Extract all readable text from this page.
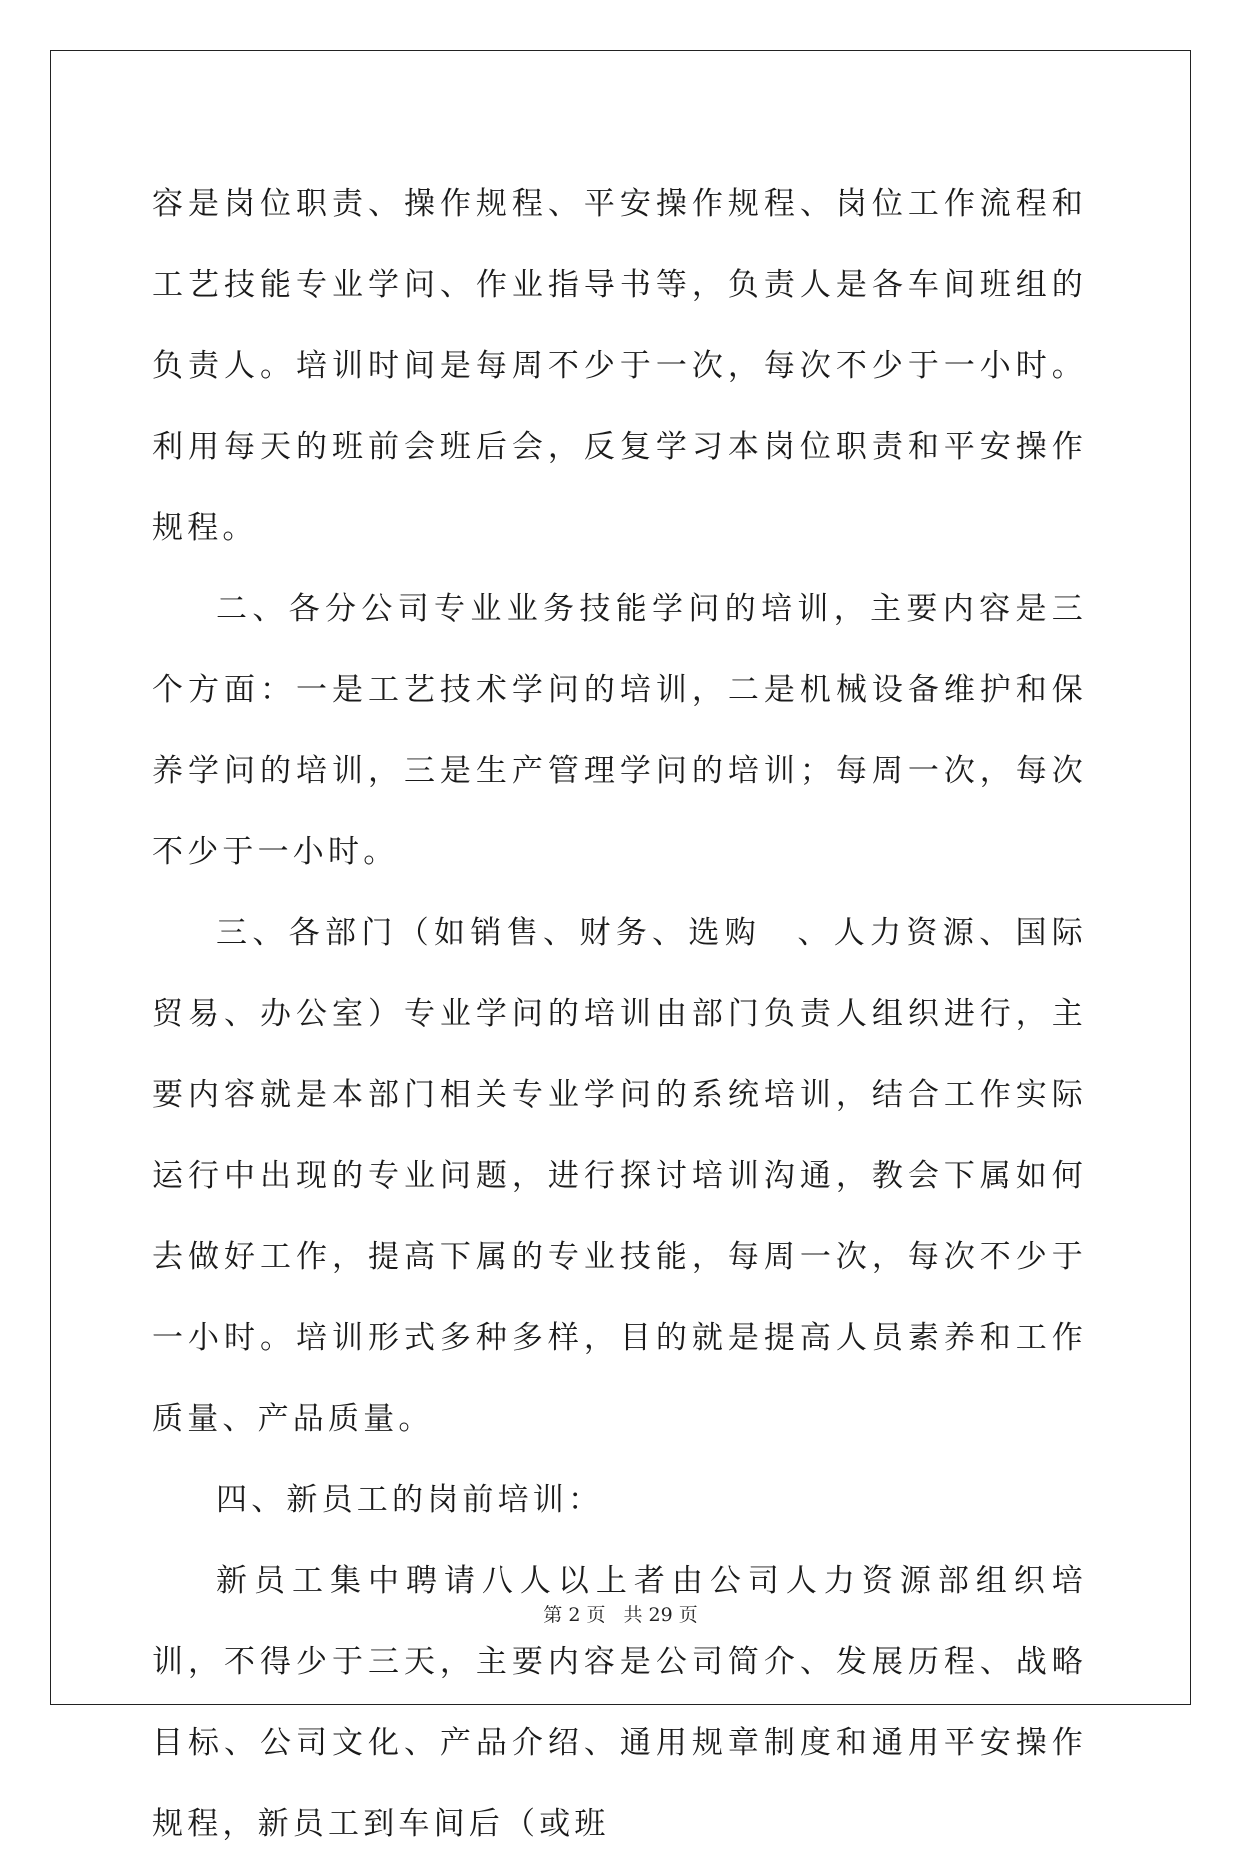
容是岗位职责、操作规程、平安操作规程、岗位工作流程和工艺技能专业学问、作业指导书等，负责人是各车间班组的负责人。培训时间是每周不少于一次，每次不少于一小时。利用每天的班前会班后会，反复学习本岗位职责和平安操作规程。

二、各分公司专业业务技能学问的培训，主要内容是三个方面：一是工艺技术学问的培训，二是机械设备维护和保养学问的培训，三是生产管理学问的培训；每周一次，每次不少于一小时。

三、各部门（如销售、财务、选购　、人力资源、国际贸易、办公室）专业学问的培训由部门负责人组织进行，主要内容就是本部门相关专业学问的系统培训，结合工作实际运行中出现的专业问题，进行探讨培训沟通，教会下属如何去做好工作，提高下属的专业技能，每周一次，每次不少于一小时。培训形式多种多样，目的就是提高人员素养和工作质量、产品质量。

四、新员工的岗前培训：

新员工集中聘请八人以上者由公司人力资源部组织培训，不得少于三天，主要内容是公司简介、发展历程、战略目标、公司文化、产品介绍、通用规章制度和通用平安操作规程，新员工到车间后（或班

第 2 页 共 29 页
